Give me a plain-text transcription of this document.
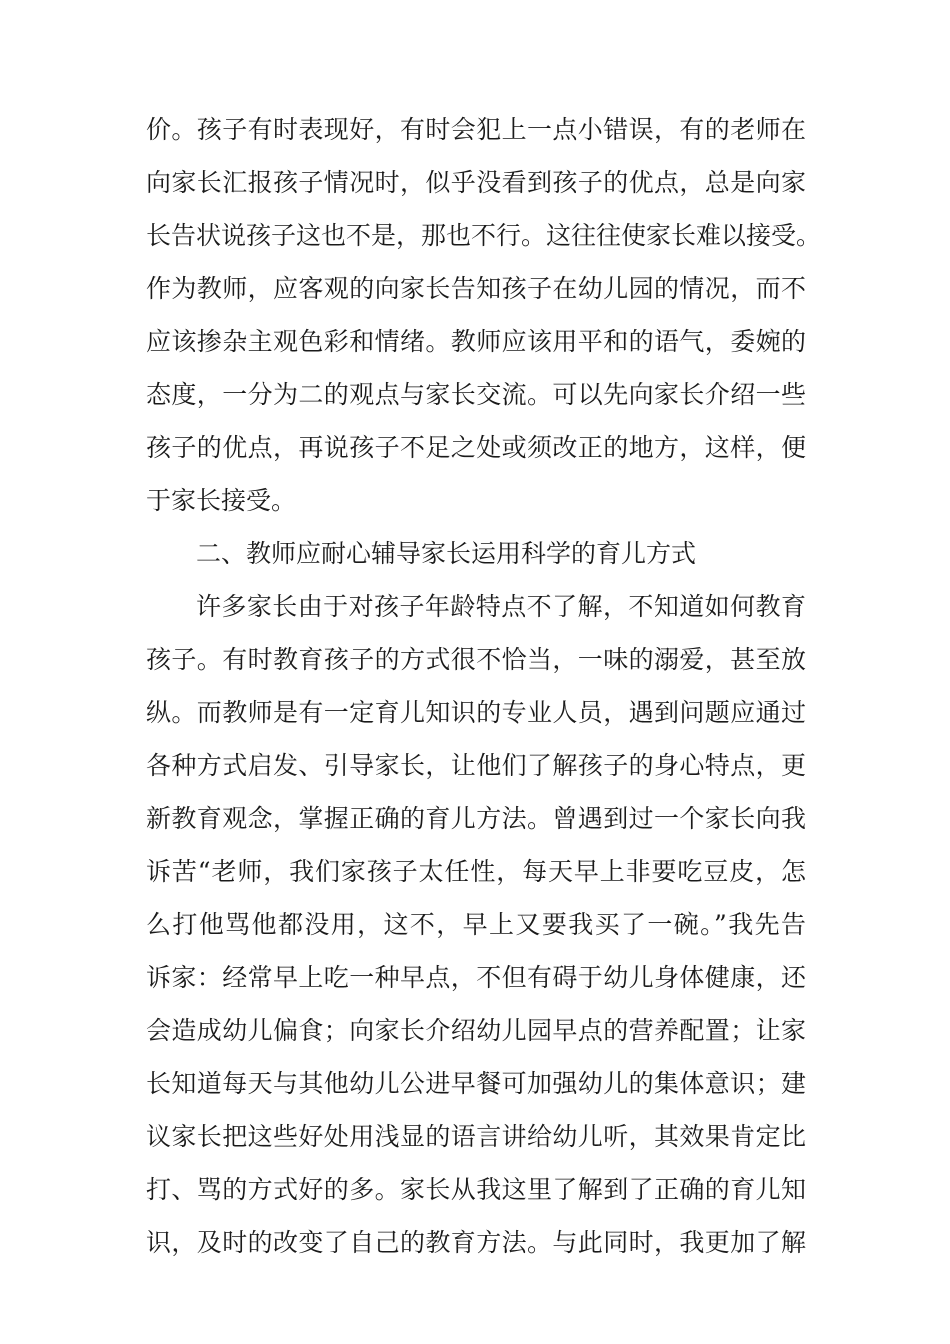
价。孩子有时表现好，有时会犯上一点小错误，有的老师在

向家长汇报孩子情况时，似乎没看到孩子的优点，总是向家

长告状说孩子这也不是，那也不行。这往往使家长难以接受。

作为教师，应客观的向家长告知孩子在幼儿园的情况，而不

应该掺杂主观色彩和情绪。教师应该用平和的语气，委婉的

态度，一分为二的观点与家长交流。可以先向家长介绍一些

孩子的优点，再说孩子不足之处或须改正的地方，这样，便

于家长接受。

二、教师应耐心辅导家长运用科学的育儿方式

许多家长由于对孩子年龄特点不了解，不知道如何教育

孩子。有时教育孩子的方式很不恰当，一味的溺爱，甚至放

纵。而教师是有一定育儿知识的专业人员，遇到问题应通过

各种方式启发、引导家长，让他们了解孩子的身心特点，更

新教育观念，掌握正确的育儿方法。曾遇到过一个家长向我

诉苦“老师，我们家孩子太任性，每天早上非要吃豆皮，怎

么打他骂他都没用，这不，早上又要我买了一碗。”我先告

诉家：经常早上吃一种早点，不但有碍于幼儿身体健康，还

会造成幼儿偏食；向家长介绍幼儿园早点的营养配置；让家

长知道每天与其他幼儿公进早餐可加强幼儿的集体意识；建

议家长把这些好处用浅显的语言讲给幼儿听，其效果肯定比

打、骂的方式好的多。家长从我这里了解到了正确的育儿知

识，及时的改变了自己的教育方法。与此同时，我更加了解
